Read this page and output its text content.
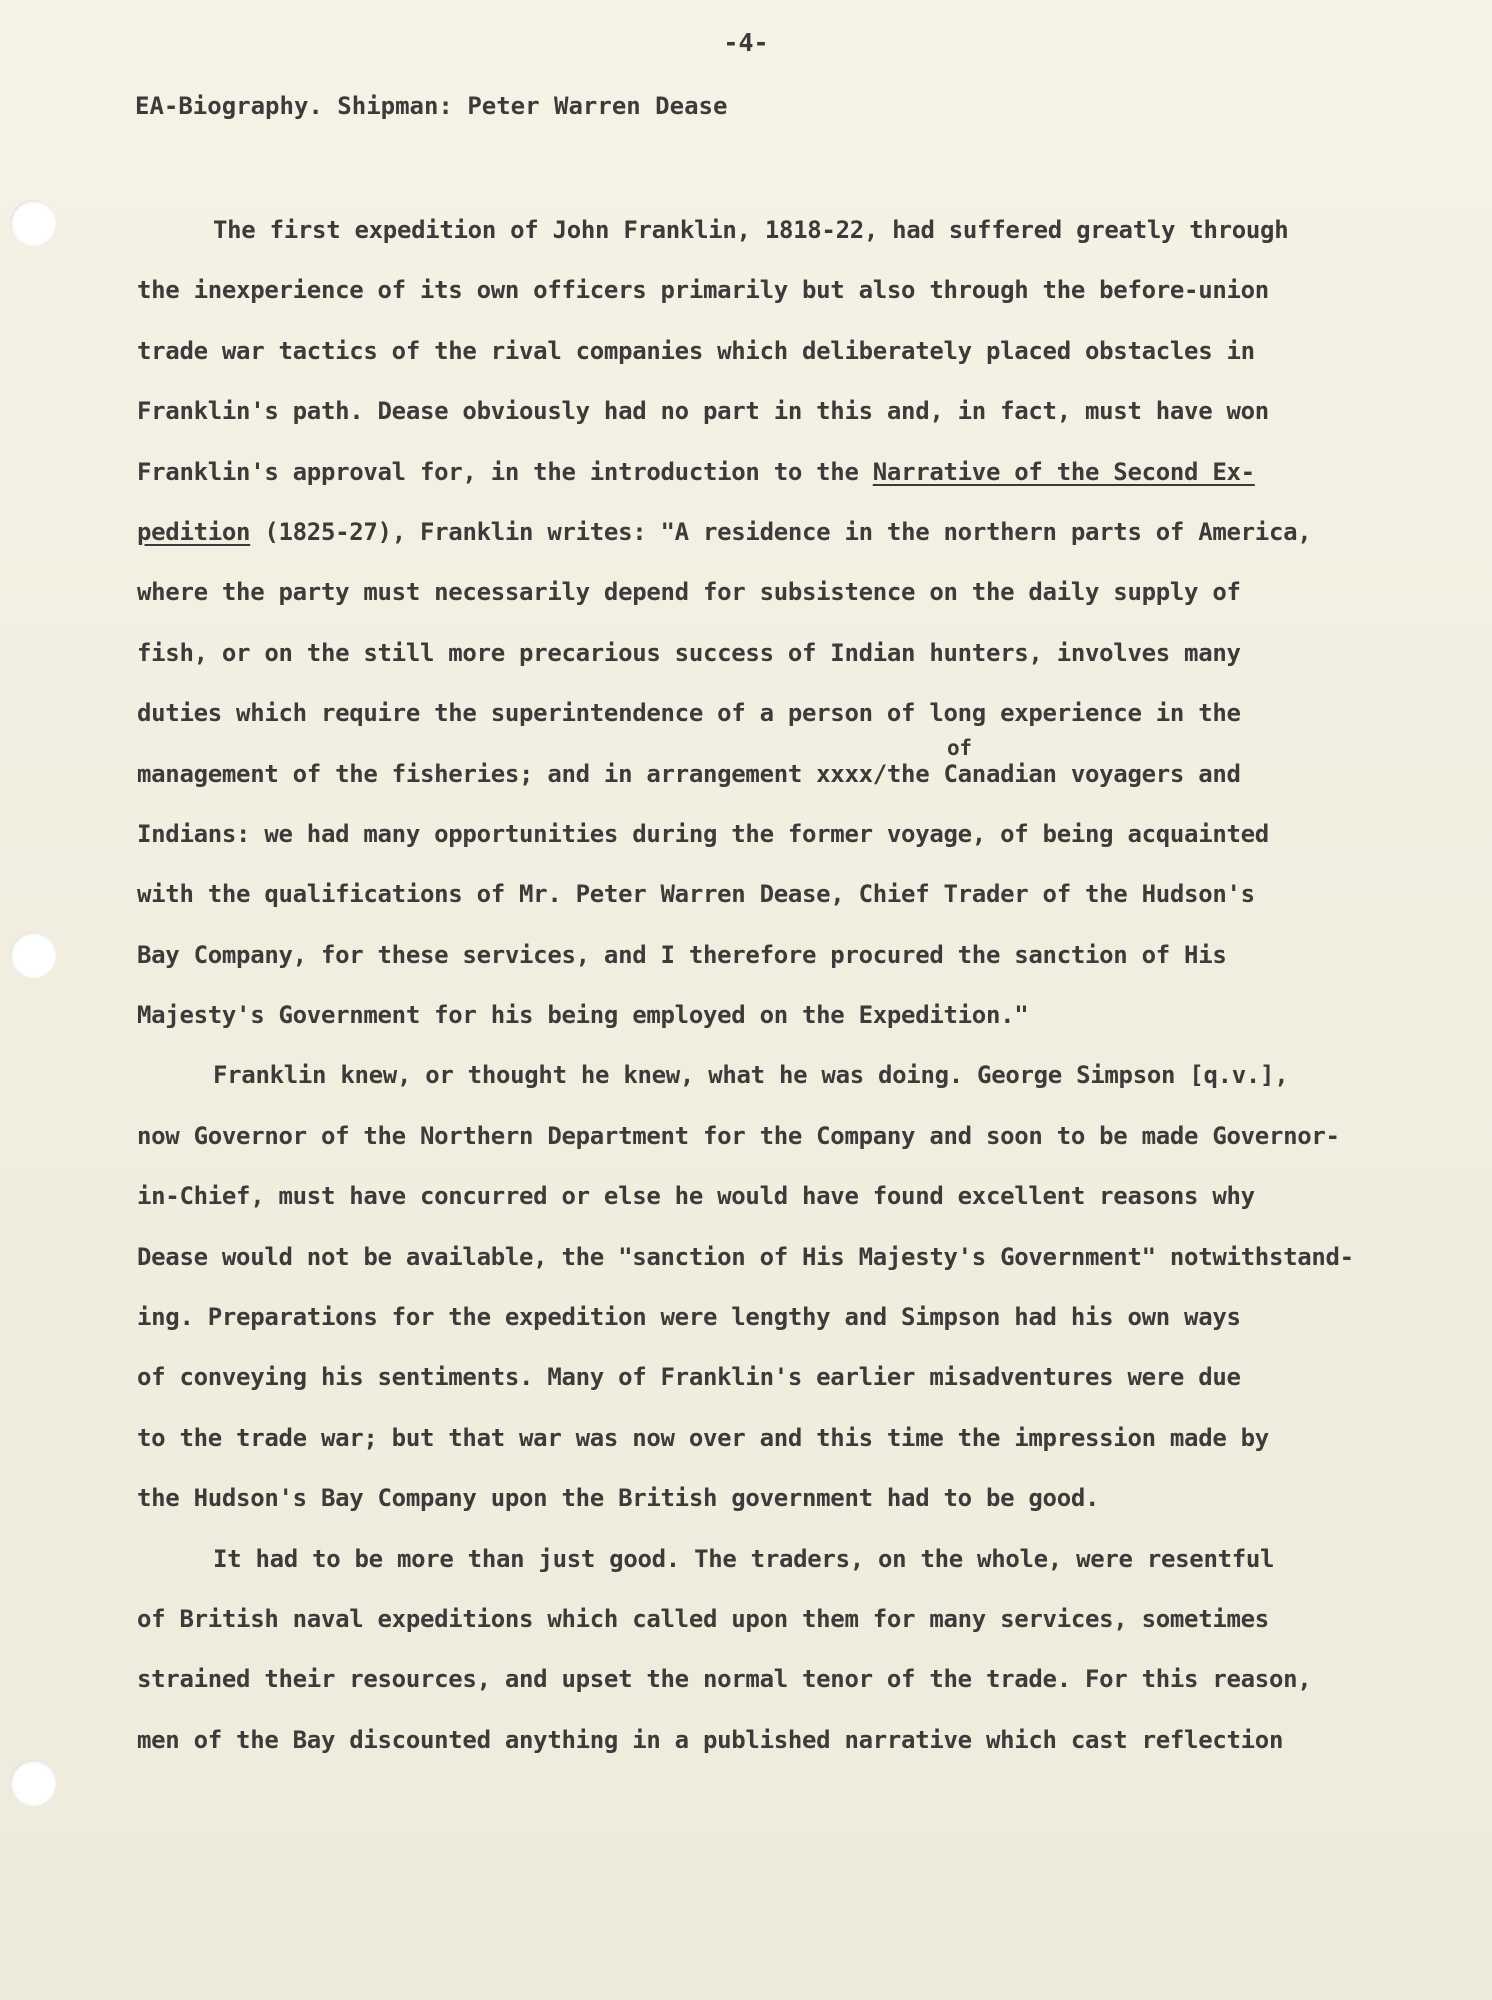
-4-
EA-Biography. Shipman: Peter Warren Dease
The first expedition of John Franklin, 1818-22, had suffered greatly through
the inexperience of its own officers primarily but also through the before-union
trade war tactics of the rival companies which deliberately placed obstacles in
Franklin's path. Dease obviously had no part in this and, in fact, must have won
Franklin's approval for, in the introduction to the Narrative of the Second Ex-
pedition (1825-27), Franklin writes: "A residence in the northern parts of America,
where the party must necessarily depend for subsistence on the daily supply of
fish, or on the still more precarious success of Indian hunters, involves many
duties which require the superintendence of a person of long experience in the
of
management of the fisheries; and in arrangement xxxx/the Canadian voyagers and
Indians: we had many opportunities during the former voyage, of being acquainted
with the qualifications of Mr. Peter Warren Dease, Chief Trader of the Hudson's
Bay Company, for these services, and I therefore procured the sanction of His
Majesty's Government for his being employed on the Expedition."
Franklin knew, or thought he knew, what he was doing. George Simpson [q.v.],
now Governor of the Northern Department for the Company and soon to be made Governor-
in-Chief, must have concurred or else he would have found excellent reasons why
Dease would not be available, the "sanction of His Majesty's Government" notwithstand-
ing. Preparations for the expedition were lengthy and Simpson had his own ways
of conveying his sentiments. Many of Franklin's earlier misadventures were due
to the trade war; but that war was now over and this time the impression made by
the Hudson's Bay Company upon the British government had to be good.
It had to be more than just good. The traders, on the whole, were resentful
of British naval expeditions which called upon them for many services, sometimes
strained their resources, and upset the normal tenor of the trade. For this reason,
men of the Bay discounted anything in a published narrative which cast reflection
